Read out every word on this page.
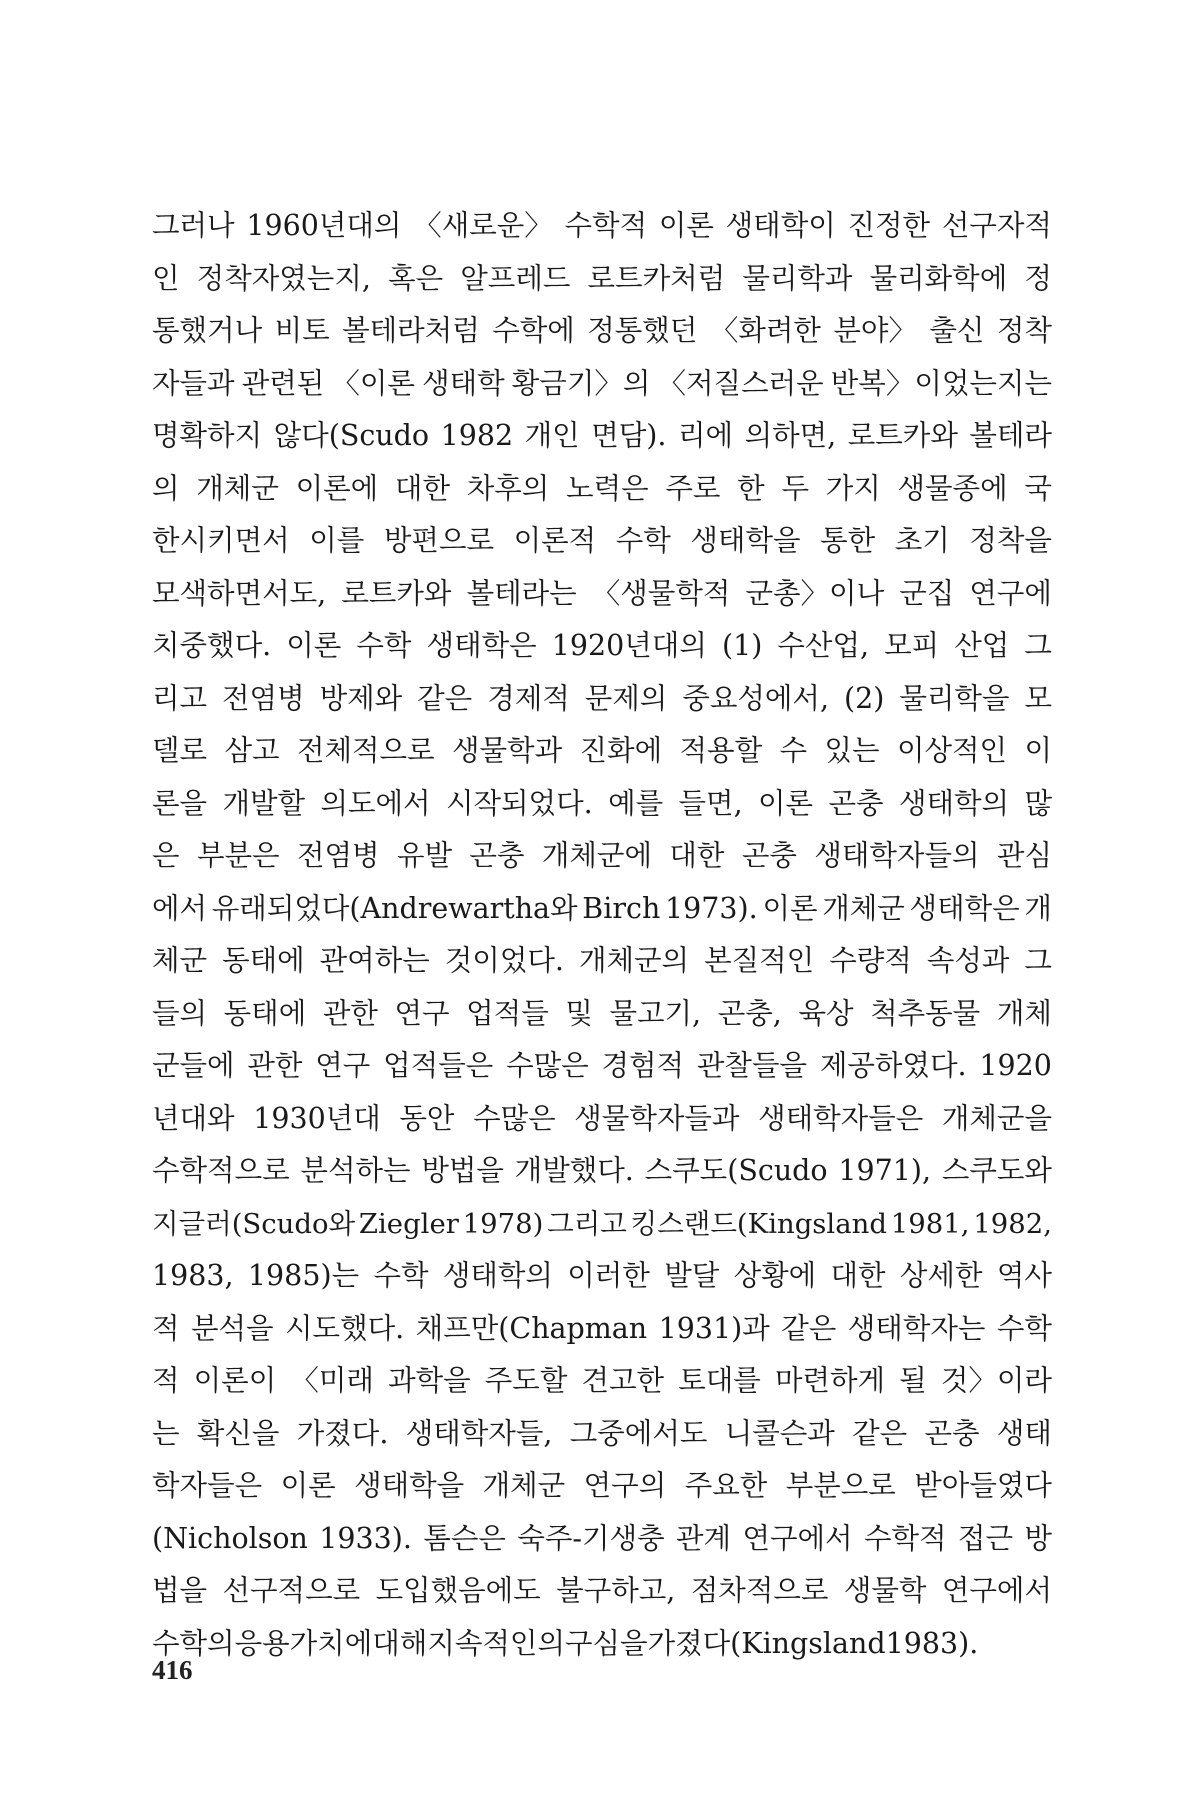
그러나 1960년대의 〈새로운〉 수학적 이론 생태학이 진정한 선구자적
인 정착자였는지, 혹은 알프레드 로트카처럼 물리학과 물리화학에 정
통했거나 비토 볼테라처럼 수학에 정통했던 〈화려한 분야〉 출신 정착
자들과 관련된 〈이론 생태학 황금기〉의 〈저질스러운 반복〉이었는지는
명확하지 않다(Scudo 1982 개인 면담). 리에 의하면, 로트카와 볼테라
의 개체군 이론에 대한 차후의 노력은 주로 한 두 가지 생물종에 국
한시키면서 이를 방편으로 이론적 수학 생태학을 통한 초기 정착을
모색하면서도, 로트카와 볼테라는 〈생물학적 군총〉이나 군집 연구에
치중했다. 이론 수학 생태학은 1920년대의 (1) 수산업, 모피 산업 그
리고 전염병 방제와 같은 경제적 문제의 중요성에서, (2) 물리학을 모
델로 삼고 전체적으로 생물학과 진화에 적용할 수 있는 이상적인 이
론을 개발할 의도에서 시작되었다. 예를 들면, 이론 곤충 생태학의 많
은 부분은 전염병 유발 곤충 개체군에 대한 곤충 생태학자들의 관심
에서 유래되었다(Andrewartha와 Birch 1973). 이론 개체군 생태학은 개
체군 동태에 관여하는 것이었다. 개체군의 본질적인 수량적 속성과 그
들의 동태에 관한 연구 업적들 및 물고기, 곤충, 육상 척추동물 개체
군들에 관한 연구 업적들은 수많은 경험적 관찰들을 제공하였다. 1920
년대와 1930년대 동안 수많은 생물학자들과 생태학자들은 개체군을
수학적으로 분석하는 방법을 개발했다. 스쿠도(Scudo 1971), 스쿠도와
지글러(Scudo와 Ziegler 1978) 그리고 킹스랜드(Kingsland 1981, 1982,
1983, 1985)는 수학 생태학의 이러한 발달 상황에 대한 상세한 역사
적 분석을 시도했다. 채프만(Chapman 1931)과 같은 생태학자는 수학
적 이론이 〈미래 과학을 주도할 견고한 토대를 마련하게 될 것〉이라
는 확신을 가졌다. 생태학자들, 그중에서도 니콜슨과 같은 곤충 생태
학자들은 이론 생태학을 개체군 연구의 주요한 부분으로 받아들였다
(Nicholson 1933). 톰슨은 숙주-기생충 관계 연구에서 수학적 접근 방
법을 선구적으로 도입했음에도 불구하고, 점차적으로 생물학 연구에서
수학의 응용 가치에 대해 지속적인 의구심을 가졌다(Kingsland 1983).
416
